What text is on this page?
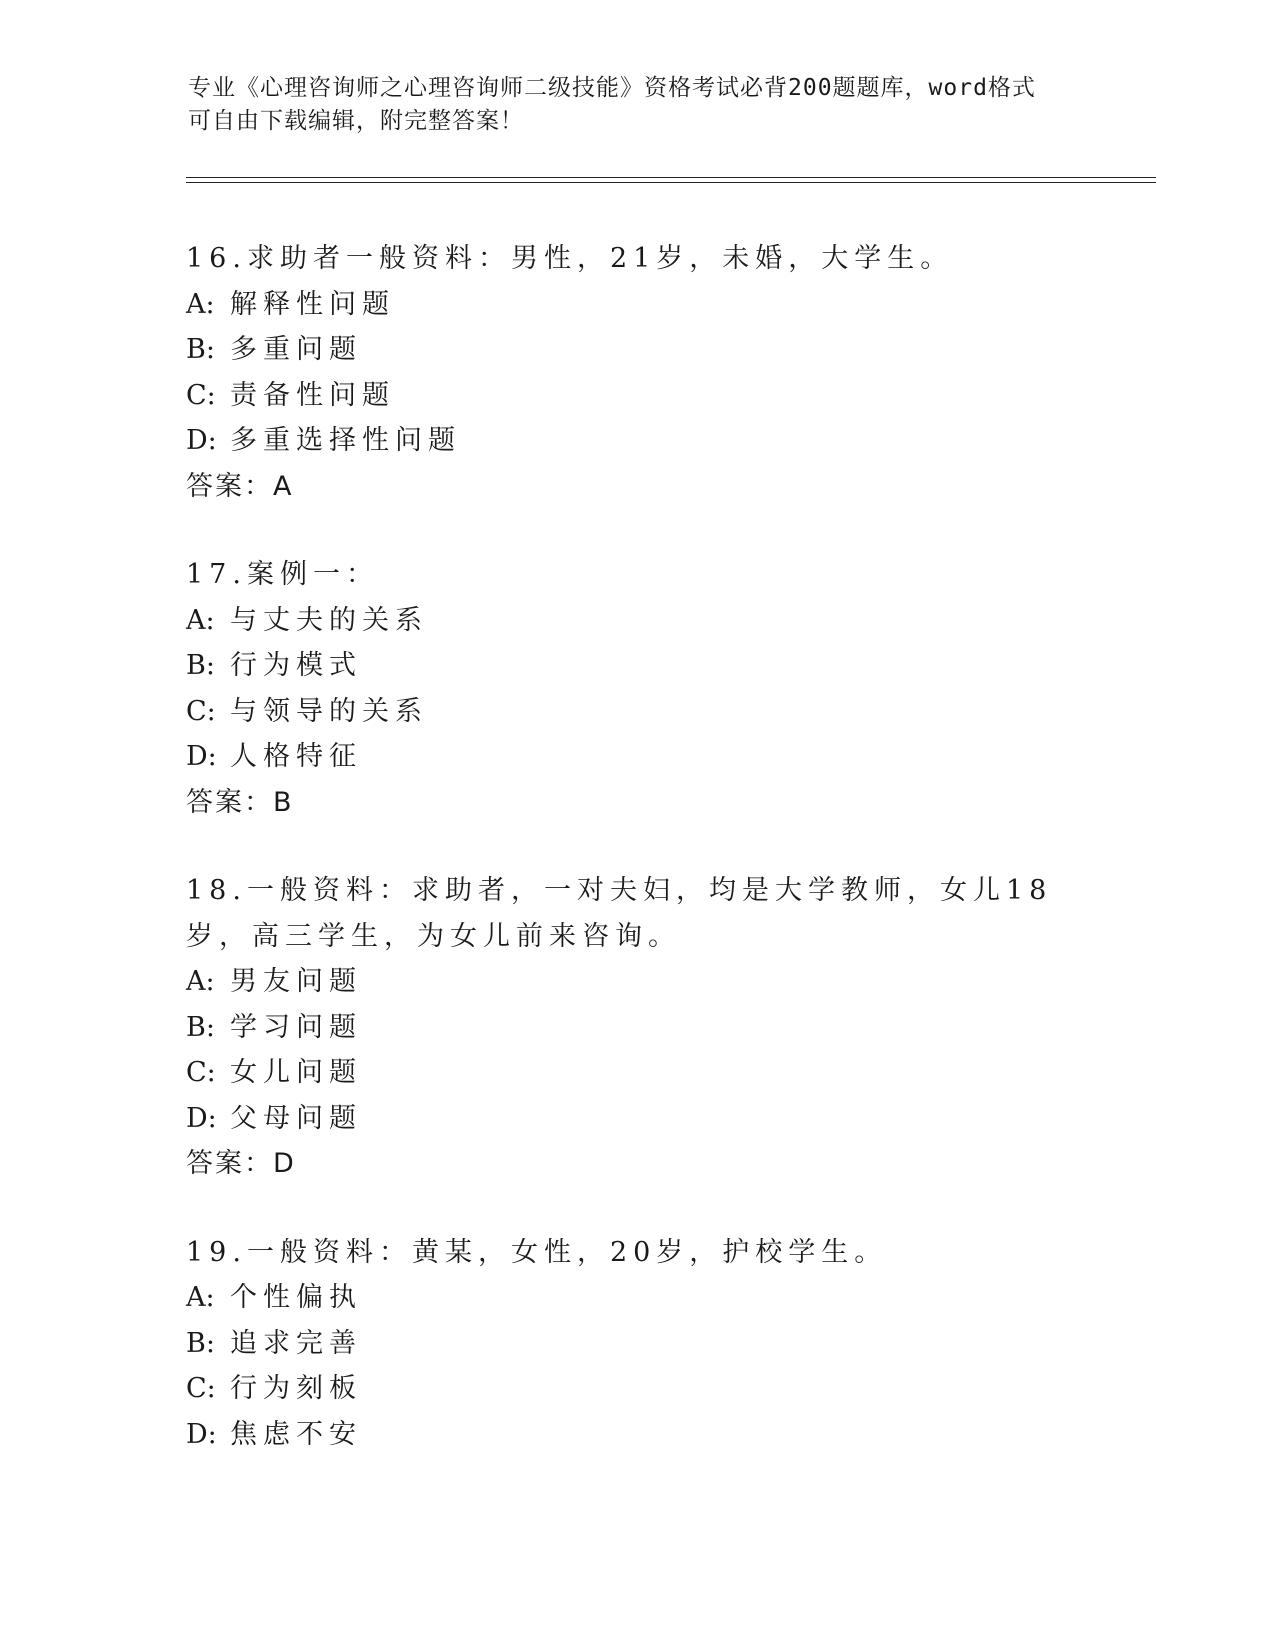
专业《心理咨询师之心理咨询师二级技能》资格考试必背200题题库，word格式
可自由下载编辑，附完整答案！
16.求助者一般资料：男性，21岁，未婚，大学生。
A: 解释性问题
B: 多重问题
C: 责备性问题
D: 多重选择性问题
答案：A
17.案例一：
A: 与丈夫的关系
B: 行为模式
C: 与领导的关系
D: 人格特征
答案：B
18.一般资料：求助者，一对夫妇，均是大学教师，女儿18岁，高三学生，为女儿前来咨询。
A: 男友问题
B: 学习问题
C: 女儿问题
D: 父母问题
答案：D
19.一般资料：黄某，女性，20岁，护校学生。
A: 个性偏执
B: 追求完善
C: 行为刻板
D: 焦虑不安
